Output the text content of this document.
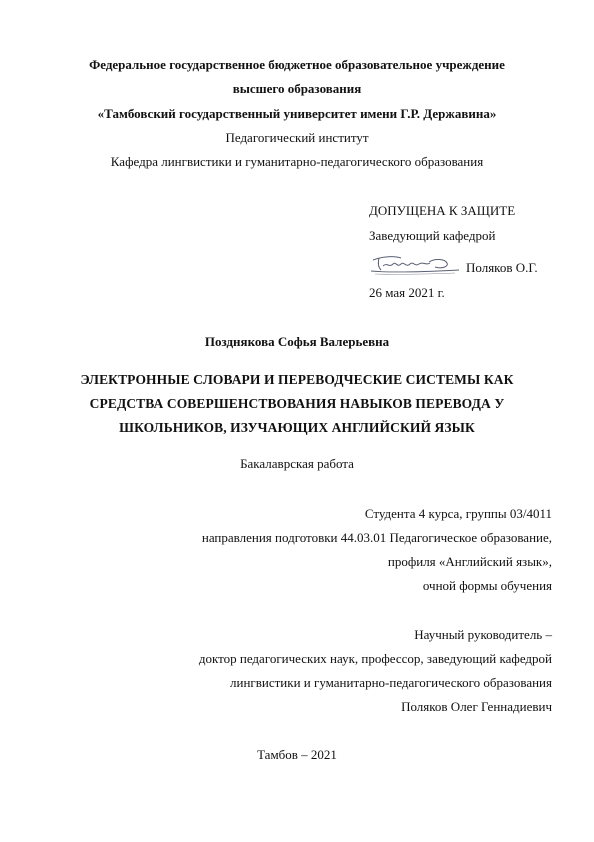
Федеральное государственное бюджетное образовательное учреждение
высшего образования
«Тамбовский государственный университет имени Г.Р. Державина»
Педагогический институт
Кафедра лингвистики и гуманитарно-педагогического образования
ДОПУЩЕНА К ЗАЩИТЕ
Заведующий кафедрой
Поляков О.Г.
26 мая 2021 г.
Позднякова Софья Валерьевна
ЭЛЕКТРОННЫЕ СЛОВАРИ И ПЕРЕВОДЧЕСКИЕ СИСТЕМЫ КАК
СРЕДСТВА СОВЕРШЕНСТВОВАНИЯ НАВЫКОВ ПЕРЕВОДА У
ШКОЛЬНИКОВ, ИЗУЧАЮЩИХ АНГЛИЙСКИЙ ЯЗЫК
Бакалаврская работа
Студента 4 курса, группы 03/4011
направления подготовки 44.03.01 Педагогическое образование,
профиля «Английский язык»,
очной формы обучения
Научный руководитель –
доктор педагогических наук, профессор, заведующий кафедрой
лингвистики и гуманитарно-педагогического образования
Поляков Олег Геннадиевич
Тамбов – 2021
